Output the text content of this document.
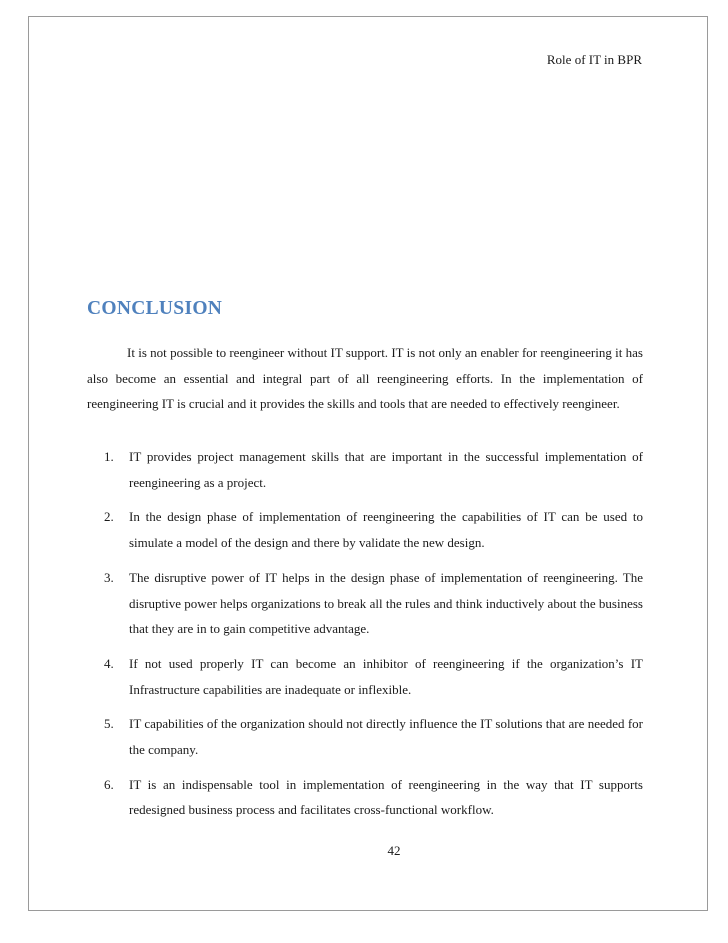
Role of IT in BPR
CONCLUSION

It is not possible to reengineer without IT support. IT is not only an enabler for reengineering it has also become an essential and integral part of all reengineering efforts. In the implementation of reengineering IT is crucial and it provides the skills and tools that are needed to effectively reengineer.

1. IT provides project management skills that are important in the successful implementation of reengineering as a project.
2. In the design phase of implementation of reengineering the capabilities of IT can be used to simulate a model of the design and there by validate the new design.
3. The disruptive power of IT helps in the design phase of implementation of reengineering. The disruptive power helps organizations to break all the rules and think inductively about the business that they are in to gain competitive advantage.
4. If not used properly IT can become an inhibitor of reengineering if the organization’s IT Infrastructure capabilities are inadequate or inflexible.
5. IT capabilities of the organization should not directly influence the IT solutions that are needed for the company.
6. IT is an indispensable tool in implementation of reengineering in the way that IT supports redesigned business process and facilitates cross-functional workflow.
42
